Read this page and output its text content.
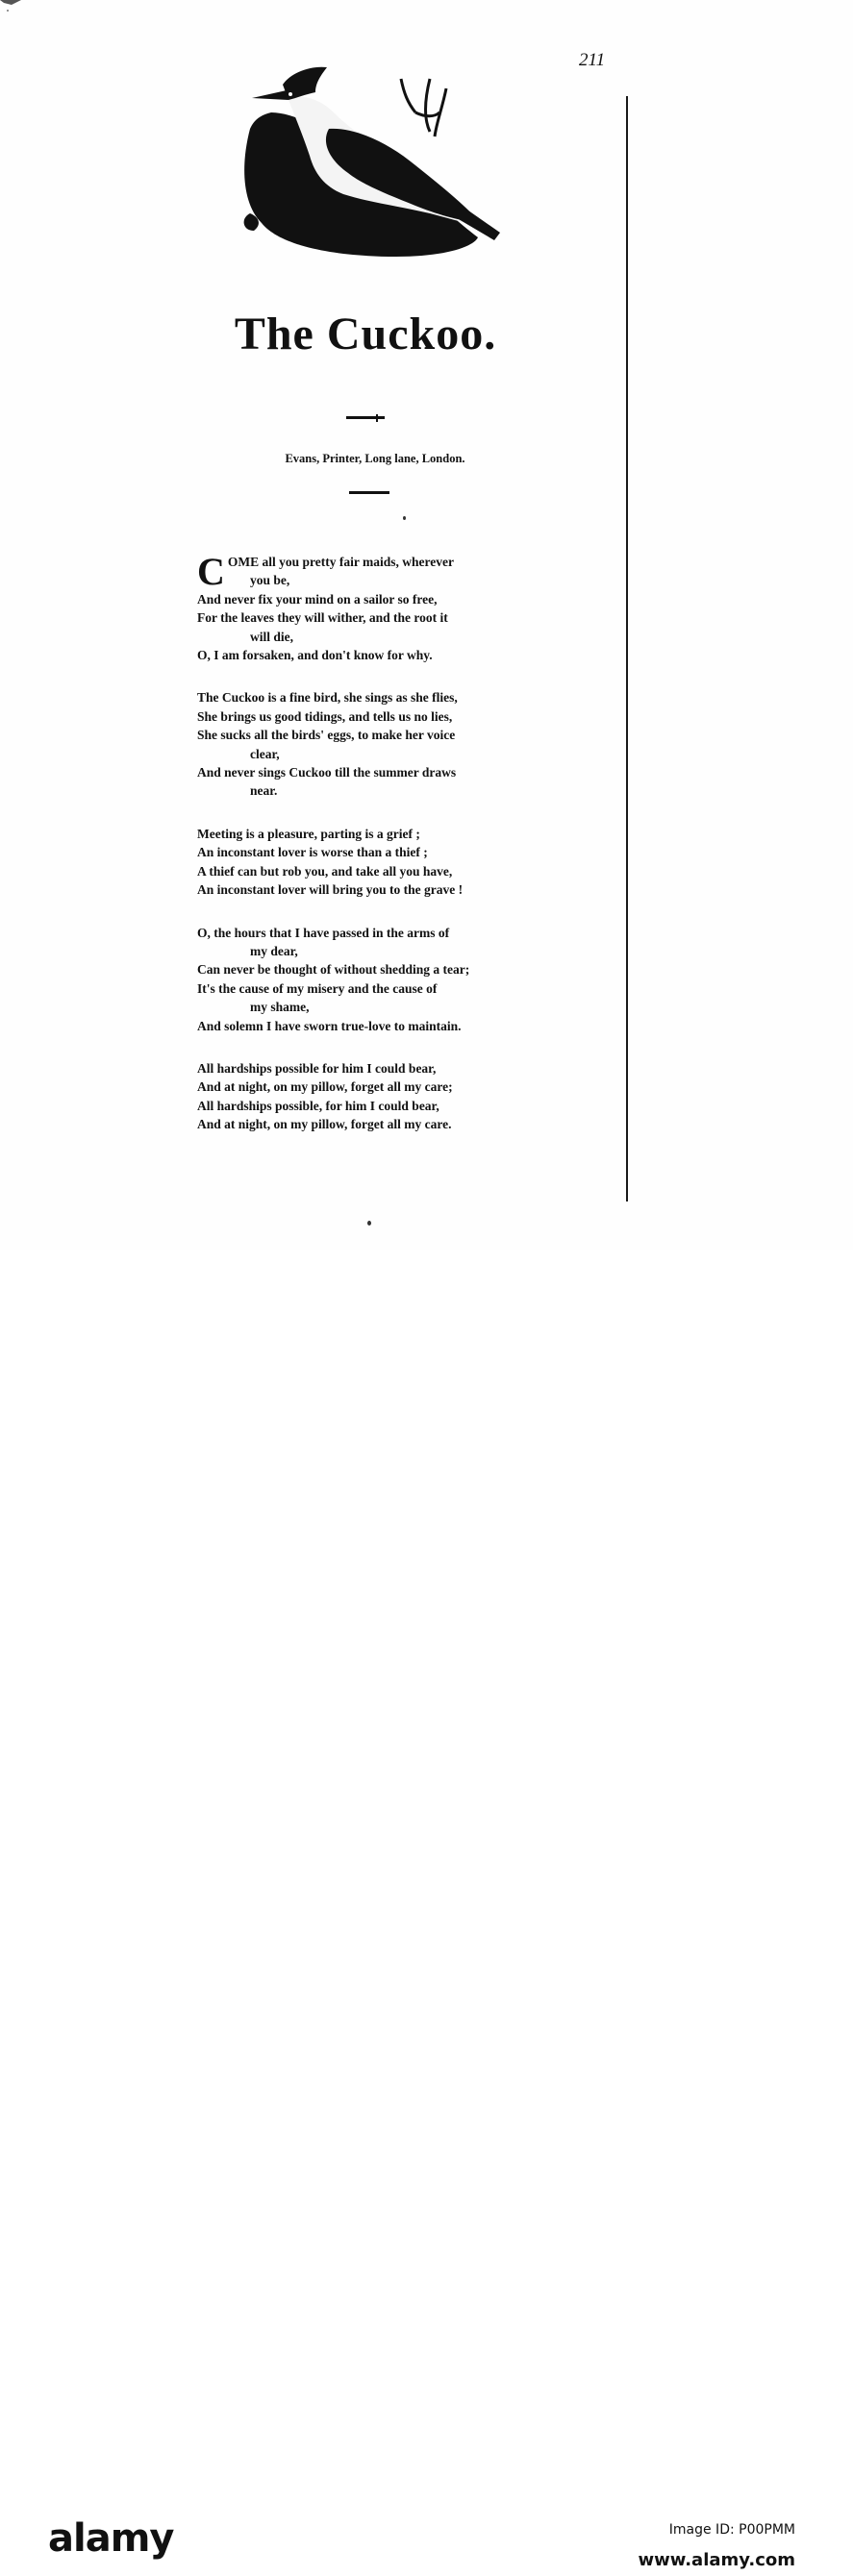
211
The Cuckoo.
Evans, Printer, Long lane, London.
COME all you pretty fair maids, wherever
you be,
And never fix your mind on a sailor so free,
For the leaves they will wither, and the root it
will die,
O, I am forsaken, and don't know for why.
The Cuckoo is a fine bird, she sings as she flies,
She brings us good tidings, and tells us no lies,
She sucks all the birds' eggs, to make her voice
clear,
And never sings Cuckoo till the summer draws
near.
Meeting is a pleasure, parting is a grief ;
An inconstant lover is worse than a thief ;
A thief can but rob you, and take all you have,
An inconstant lover will bring you to the grave !
O, the hours that I have passed in the arms of
my dear,
Can never be thought of without shedding a tear;
It's the cause of my misery and the cause of
my shame,
And solemn I have sworn true-love to maintain.
All hardships possible for him I could bear,
And at night, on my pillow, forget all my care;
All hardships possible, for him I could bear,
And at night, on my pillow, forget all my care.
alamy	Image ID: P00PMM
www.alamy.com
